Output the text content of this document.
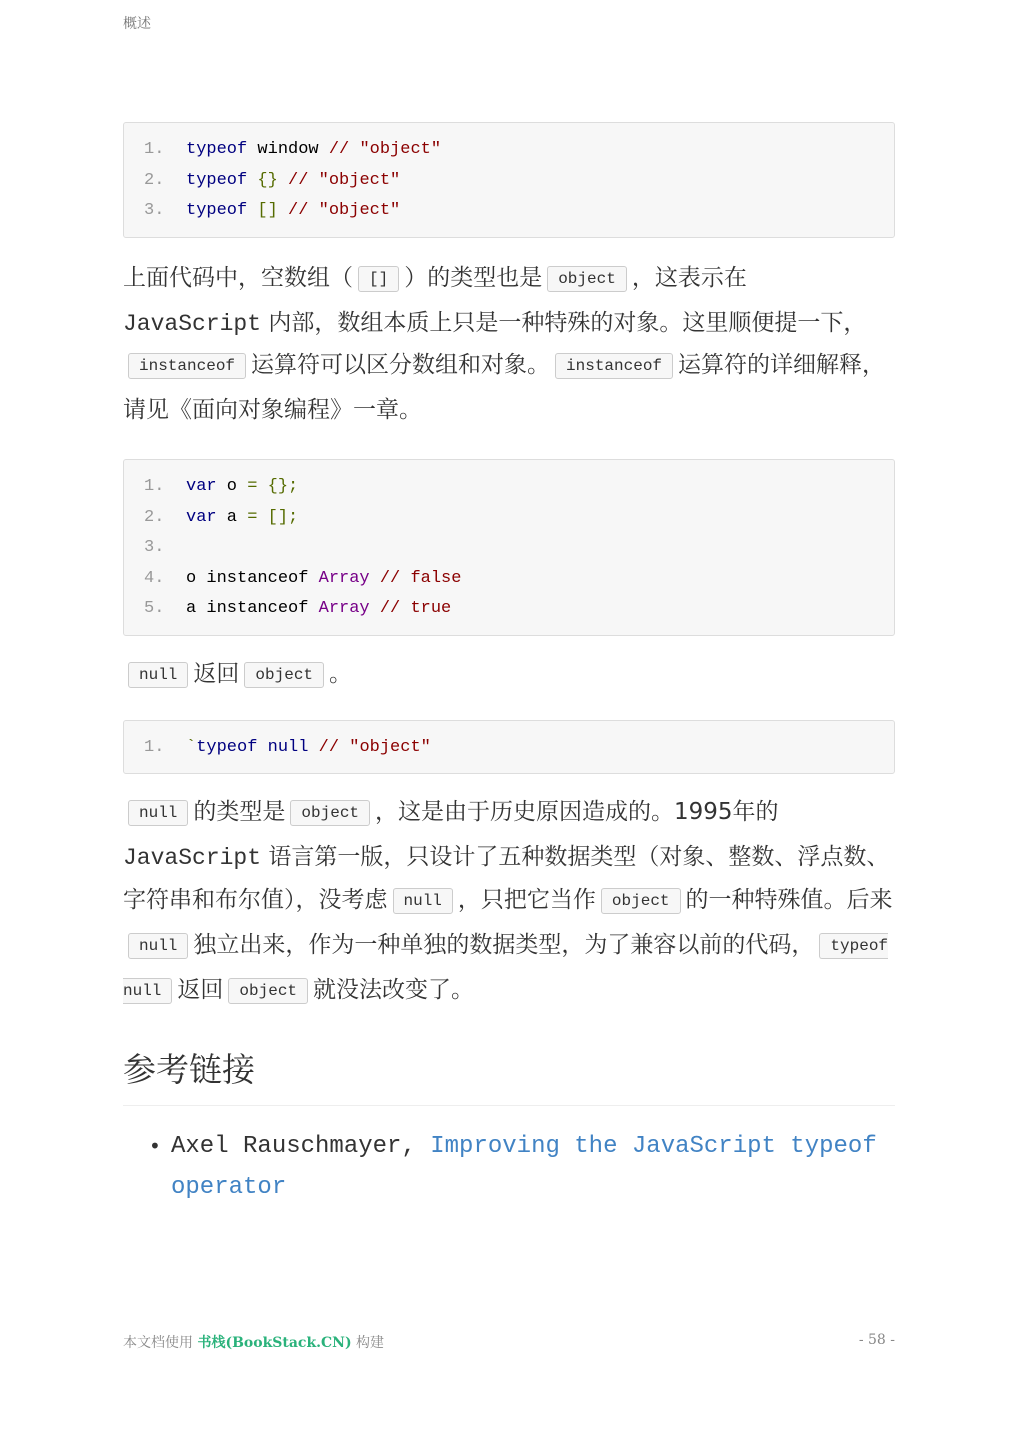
概述
1. typeof window // "object"
2. typeof {} // "object"
3. typeof [] // "object"

上面代码中，空数组（ [] ）的类型也是 object ，这表示在
JavaScript 内部，数组本质上只是一种特殊的对象。这里顺便提一下，instanceof 运算符可以区分数组和对象。 instanceof 运算符的详细解释，请见《面向对象编程》一章。

1. var o = {};
2. var a = [];
3.
4. o instanceof Array // false
5. a instanceof Array // true

null 返回 object 。

1. `typeof null // "object"

null 的类型是 object ，这是由于历史原因造成的。1995年的
JavaScript 语言第一版，只设计了五种数据类型（对象、整数、浮点数、字符串和布尔值），没考虑 null ，只把它当作 object 的一种特殊值。后来null 独立出来，作为一种单独的数据类型，为了兼容以前的代码， typeof null 返回 object 就没法改变了。

参考链接
• Axel Rauschmayer, Improving the JavaScript typeof operator
本文档使用 书栈(BookStack.CN) 构建	- 58 -
